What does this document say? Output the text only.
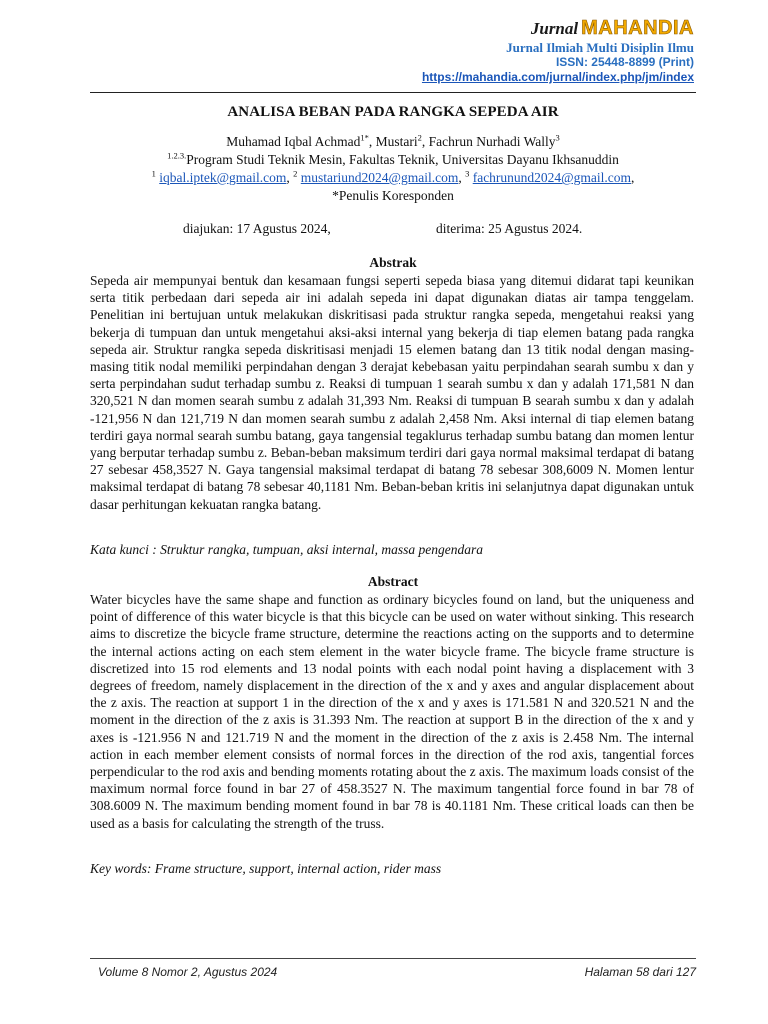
Jurnal MAHANDIA
Jurnal Ilmiah Multi Disiplin Ilmu
ISSN: 25448-8899 (Print)
https://mahandia.com/jurnal/index.php/jm/index
ANALISA BEBAN PADA RANGKA SEPEDA AIR
Muhamad Iqbal Achmad$^{1*}$, Mustari$^2$, Fachrun Nurhadi Wally$^3$
$^{1.2.3.}$Program Studi Teknik Mesin, Fakultas Teknik, Universitas Dayanu Ikhsanuddin
$^1$ iqbal.iptek@gmail.com, $^2$ mustariund2024@gmail.com, $^3$ fachrunund2024@gmail.com,
*Penulis Koresponden
diajukan: 17 Agustus 2024,	diterima: 25 Agustus 2024.
Abstrak
Sepeda air mempunyai bentuk dan kesamaan fungsi seperti sepeda biasa yang ditemui didarat tapi keunikan serta titik perbedaan dari sepeda air ini adalah sepeda ini dapat digunakan diatas air tampa tenggelam. Penelitian ini bertujuan untuk melakukan diskritisasi pada struktur rangka sepeda, mengetahui reaksi yang bekerja di tumpuan dan untuk mengetahui aksi-aksi internal yang bekerja di tiap elemen batang pada rangka sepeda air. Struktur rangka sepeda diskritisasi menjadi 15 elemen batang dan 13 titik nodal dengan masing-masing titik nodal memiliki perpindahan dengan 3 derajat kebebasan yaitu perpindahan searah sumbu x dan y serta perpindahan sudut terhadap sumbu z. Reaksi di tumpuan 1 searah sumbu x dan y adalah 171,581 N dan 320,521 N dan momen searah sumbu z adalah 31,393 Nm. Reaksi di tumpuan B searah sumbu x dan y adalah -121,956 N dan 121,719 N dan momen searah sumbu z adalah 2,458 Nm. Aksi internal di tiap elemen batang terdiri gaya normal searah sumbu batang, gaya tangensial tegaklurus terhadap sumbu batang dan momen lentur yang berputar terhadap sumbu z. Beban-beban maksimum terdiri dari gaya normal maksimal terdapat di batang 27 sebesar 458,3527 N. Gaya tangensial maksimal terdapat di batang 78 sebesar 308,6009 N. Momen lentur maksimal terdapat di batang 78 sebesar 40,1181 Nm. Beban-beban kritis ini selanjutnya dapat digunakan untuk dasar perhitungan kekuatan rangka batang.
Kata kunci : Struktur rangka, tumpuan, aksi internal, massa pengendara
Abstract
Water bicycles have the same shape and function as ordinary bicycles found on land, but the uniqueness and point of difference of this water bicycle is that this bicycle can be used on water without sinking. This research aims to discretize the bicycle frame structure, determine the reactions acting on the supports and to determine the internal actions acting on each stem element in the water bicycle frame. The bicycle frame structure is discretized into 15 rod elements and 13 nodal points with each nodal point having a displacement with 3 degrees of freedom, namely displacement in the direction of the x and y axes and angular displacement about the z axis. The reaction at support 1 in the direction of the x and y axes is 171.581 N and 320.521 N and the moment in the direction of the z axis is 31.393 Nm. The reaction at support B in the direction of the x and y axes is -121.956 N and 121.719 N and the moment in the direction of the z axis is 2.458 Nm. The internal action in each member element consists of normal forces in the direction of the rod axis, tangential forces perpendicular to the rod axis and bending moments rotating about the z axis. The maximum loads consist of the maximum normal force found in bar 27 of 458.3527 N. The maximum tangential force found in bar 78 of 308.6009 N. The maximum bending moment found in bar 78 is 40.1181 Nm. These critical loads can then be used as a basis for calculating the strength of the truss.
Key words: Frame structure, support, internal action, rider mass
Volume 8 Nomor 2, Agustus 2024	Halaman 58 dari 127
